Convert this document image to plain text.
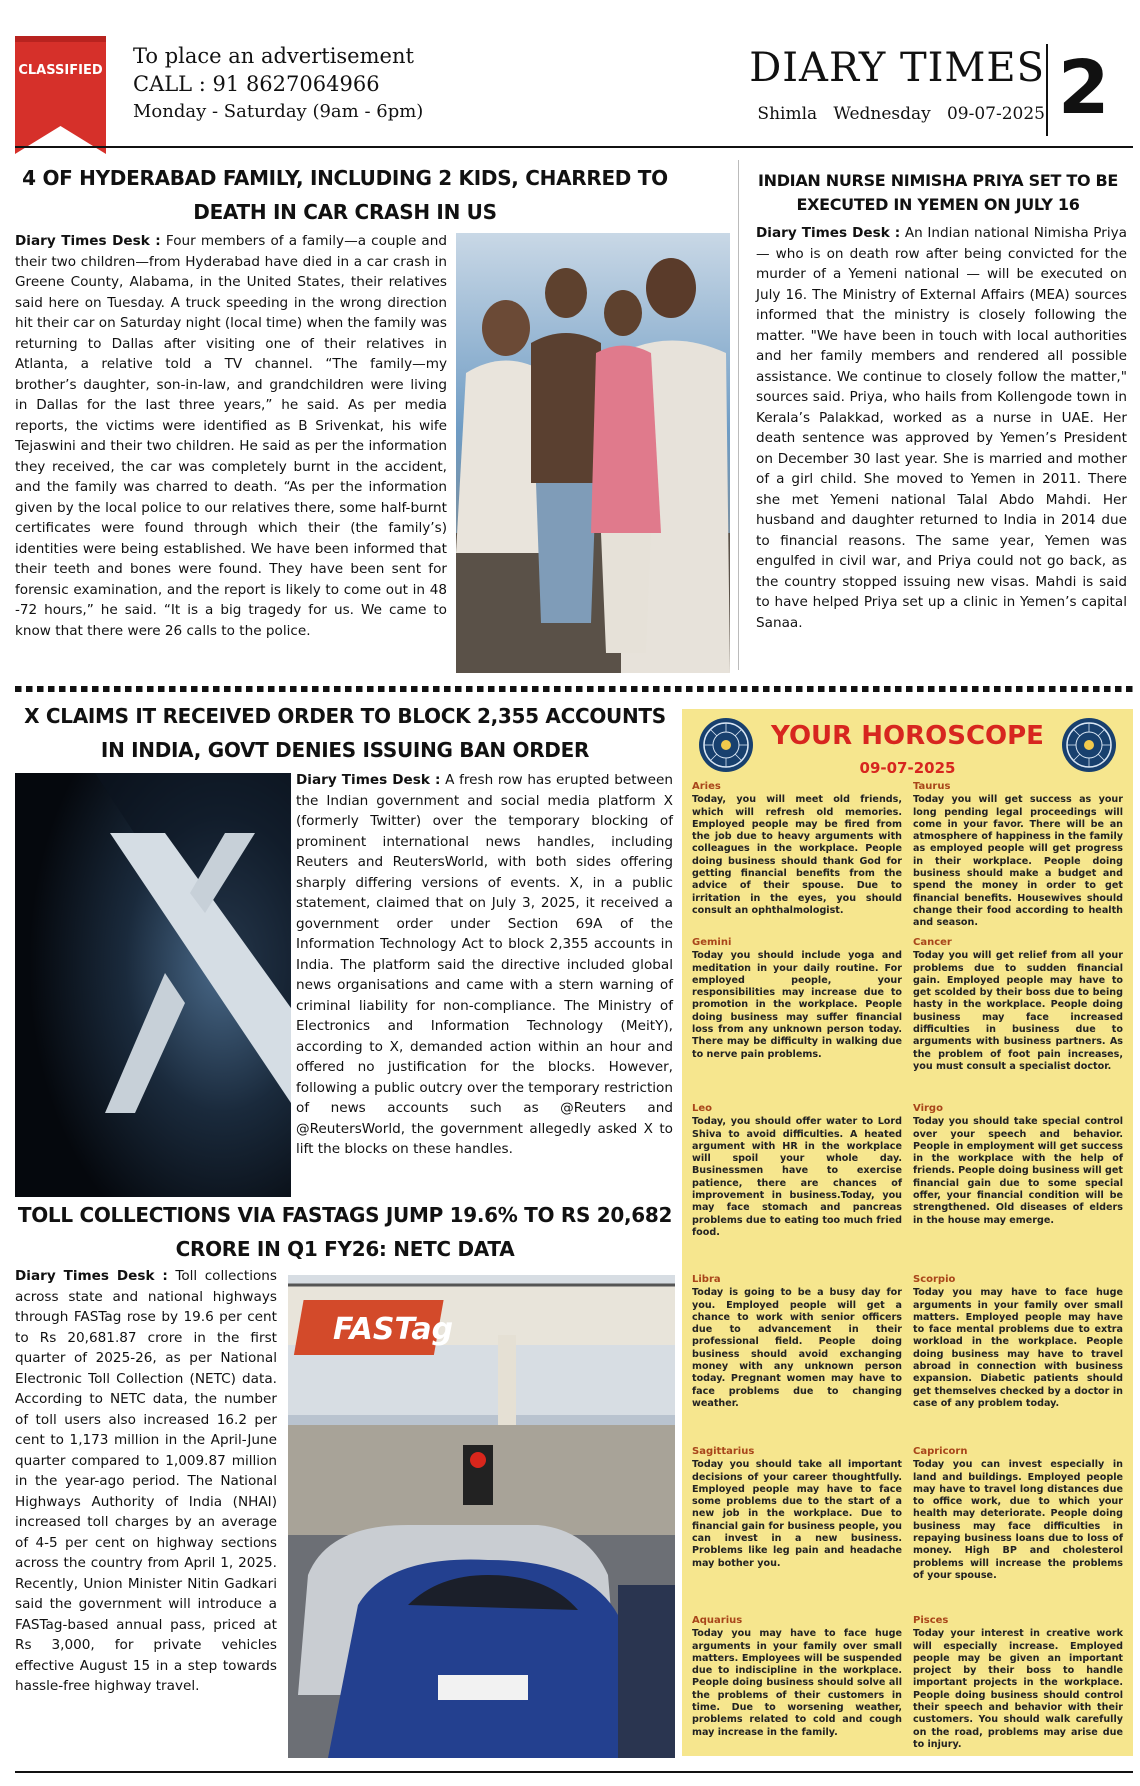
CLASSIFIED
To place an advertisement
CALL : 91 8627064966
Monday - Saturday (9am - 6pm)
DIARY TIMES
Shimla Wednesday 09-07-2025 2
4 OF HYDERABAD FAMILY, INCLUDING 2 KIDS, CHARRED TO DEATH IN CAR CRASH IN US

Diary Times Desk : Four members of a family—a couple and their two children—from Hyderabad have died in a car crash in Greene County, Alabama, in the United States, their relatives said here on Tuesday. A truck speeding in the wrong direction hit their car on Saturday night (local time) when the family was returning to Dallas after visiting one of their relatives in Atlanta, a relative told a TV channel. “The family—my brother’s daughter, son-in-law, and grandchildren were living in Dallas for the last three years,” he said. As per media reports, the victims were identified as B Srivenkat, his wife Tejaswini and their two children. He said as per the information they received, the car was completely burnt in the accident, and the family was charred to death. “As per the information given by the local police to our relatives there, some half-burnt certificates were found through which their (the family’s) identities were being established. We have been informed that their teeth and bones were found. They have been sent for forensic examination, and the report is likely to come out in 48 -72 hours,” he said. “It is a big tragedy for us. We came to know that there were 26 calls to the police.

INDIAN NURSE NIMISHA PRIYA SET TO BE EXECUTED IN YEMEN ON JULY 16

Diary Times Desk : An Indian national Nimisha Priya — who is on death row after being convicted for the murder of a Yemeni national — will be executed on July 16. The Ministry of External Affairs (MEA) sources informed that the ministry is closely following the matter. "We have been in touch with local authorities and her family members and rendered all possible assistance. We continue to closely follow the matter," sources said. Priya, who hails from Kollengode town in Kerala’s Palakkad, worked as a nurse in UAE. Her death sentence was approved by Yemen’s President on December 30 last year. She is married and mother of a girl child. She moved to Yemen in 2011. There she met Yemeni national Talal Abdo Mahdi. Her husband and daughter returned to India in 2014 due to financial reasons. The same year, Yemen was engulfed in civil war, and Priya could not go back, as the country stopped issuing new visas. Mahdi is said to have helped Priya set up a clinic in Yemen’s capital Sanaa.

X CLAIMS IT RECEIVED ORDER TO BLOCK 2,355 ACCOUNTS IN INDIA, GOVT DENIES ISSUING BAN ORDER

Diary Times Desk : A fresh row has erupted between the Indian government and social media platform X (formerly Twitter) over the temporary blocking of prominent international news handles, including Reuters and ReutersWorld, with both sides offering sharply differing versions of events. X, in a public statement, claimed that on July 3, 2025, it received a government order under Section 69A of the Information Technology Act to block 2,355 accounts in India. The platform said the directive included global news organisations and came with a stern warning of criminal liability for non-compliance. The Ministry of Electronics and Information Technology (MeitY), according to X, demanded action within an hour and offered no justification for the blocks. However, following a public outcry over the temporary restriction of news accounts such as @Reuters and @ReutersWorld, the government allegedly asked X to lift the blocks on these handles.

TOLL COLLECTIONS VIA FASTAGS JUMP 19.6% TO RS 20,682 CRORE IN Q1 FY26: NETC DATA

Diary Times Desk : Toll collections across state and national highways through FASTag rose by 19.6 per cent to Rs 20,681.87 crore in the first quarter of 2025-26, as per National Electronic Toll Collection (NETC) data. According to NETC data, the number of toll users also increased 16.2 per cent to 1,173 million in the April-June quarter compared to 1,009.87 million in the year-ago period. The National Highways Authority of India (NHAI) increased toll charges by an average of 4-5 per cent on highway sections across the country from April 1, 2025. Recently, Union Minister Nitin Gadkari said the government will introduce a FASTag-based annual pass, priced at Rs 3,000, for private vehicles effective August 15 in a step towards hassle-free highway travel.

FASTag
YOUR HOROSCOPE
09-07-2025
Aries
Today, you will meet old friends, which will refresh old memories. Employed people may be fired from the job due to heavy arguments with colleagues in the workplace. People doing business should thank God for getting financial benefits from the advice of their spouse. Due to irritation in the eyes, you should consult an ophthalmologist.
Taurus
Today you will get success as your long pending legal proceedings will come in your favor. There will be an atmosphere of happiness in the family as employed people will get progress in their workplace. People doing business should make a budget and spend the money in order to get financial benefits. Housewives should change their food according to health and season.
Gemini
Today you should include yoga and meditation in your daily routine. For employed people, your responsibilities may increase due to promotion in the workplace. People doing business may suffer financial loss from any unknown person today. There may be difficulty in walking due to nerve pain problems.
Cancer
Today you will get relief from all your problems due to sudden financial gain. Employed people may have to get scolded by their boss due to being hasty in the workplace. People doing business may face increased difficulties in business due to arguments with business partners. As the problem of foot pain increases, you must consult a specialist doctor.
Leo
Today, you should offer water to Lord Shiva to avoid difficulties. A heated argument with HR in the workplace will spoil your whole day. Businessmen have to exercise patience, there are chances of improvement in business.Today, you may face stomach and pancreas problems due to eating too much fried food.
Virgo
Today you should take special control over your speech and behavior. People in employment will get success in the workplace with the help of friends. People doing business will get financial gain due to some special offer, your financial condition will be strengthened. Old diseases of elders in the house may emerge.
Libra
Today is going to be a busy day for you. Employed people will get a chance to work with senior officers due to advancement in their professional field. People doing business should avoid exchanging money with any unknown person today. Pregnant women may have to face problems due to changing weather.
Scorpio
Today you may have to face huge arguments in your family over small matters. Employed people may have to face mental problems due to extra workload in the workplace. People doing business may have to travel abroad in connection with business expansion. Diabetic patients should get themselves checked by a doctor in case of any problem today.
Sagittarius
Today you should take all important decisions of your career thoughtfully. Employed people may have to face some problems due to the start of a new job in the workplace. Due to financial gain for business people, you can invest in a new business. Problems like leg pain and headache may bother you.
Capricorn
Today you can invest especially in land and buildings. Employed people may have to travel long distances due to office work, due to which your health may deteriorate. People doing business may face difficulties in repaying business loans due to loss of money. High BP and cholesterol problems will increase the problems of your spouse.
Aquarius
Today you may have to face huge arguments in your family over small matters. Employees will be suspended due to indiscipline in the workplace. People doing business should solve all the problems of their customers in time. Due to worsening weather, problems related to cold and cough may increase in the family.
Pisces
Today your interest in creative work will especially increase. Employed people may be given an important project by their boss to handle important projects in the workplace. People doing business should control their speech and behavior with their customers. You should walk carefully on the road, problems may arise due to injury.
